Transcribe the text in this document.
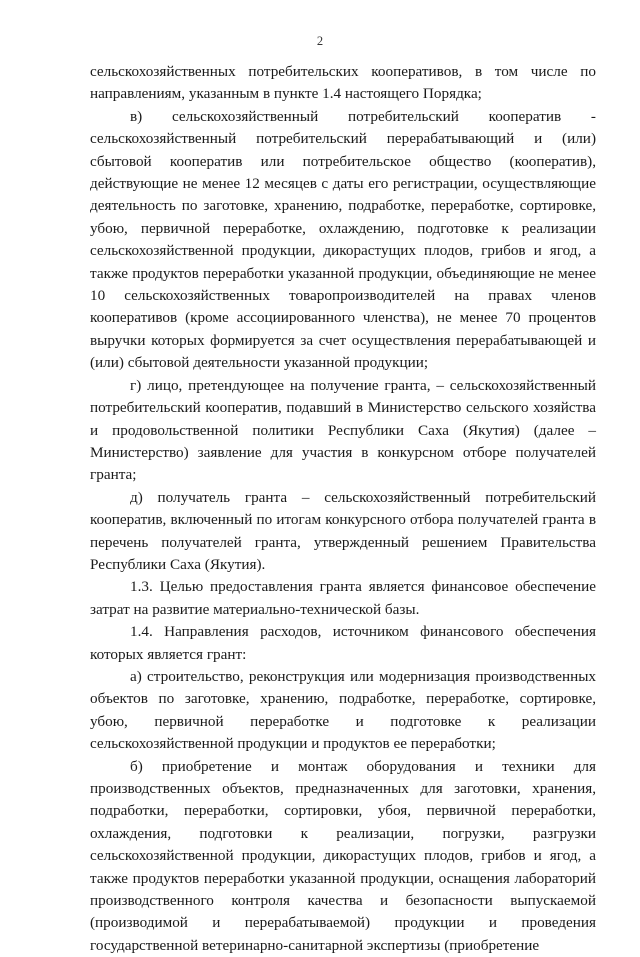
2
сельскохозяйственных потребительских кооперативов, в том числе по
направлениям, указанным в пункте 1.4 настоящего Порядка;
в) сельскохозяйственный потребительский кооператив -
сельскохозяйственный потребительский перерабатывающий и (или)
сбытовой кооператив или потребительское общество (кооператив),
действующие не менее 12 месяцев с даты его регистрации, осуществляющие
деятельность по заготовке, хранению, подработке, переработке, сортировке,
убою, первичной переработке, охлаждению, подготовке к реализации
сельскохозяйственной продукции, дикорастущих плодов, грибов и ягод, а
также продуктов переработки указанной продукции, объединяющие не менее
10 сельскохозяйственных товаропроизводителей на правах членов
кооперативов (кроме ассоциированного членства), не менее 70 процентов
выручки которых формируется за счет осуществления перерабатывающей и
(или) сбытовой деятельности указанной продукции;
г) лицо, претендующее на получение гранта, – сельскохозяйственный
потребительский кооператив, подавший в Министерство сельского хозяйства
и продовольственной политики Республики Саха (Якутия) (далее –
Министерство) заявление для участия в конкурсном отборе получателей
гранта;
д) получатель гранта – сельскохозяйственный потребительский
кооператив, включенный по итогам конкурсного отбора получателей гранта в
перечень получателей гранта, утвержденный решением Правительства
Республики Саха (Якутия).
1.3. Целью предоставления гранта является финансовое обеспечение
затрат на развитие материально-технической базы.
1.4. Направления расходов, источником финансового обеспечения
которых является грант:
а) строительство, реконструкция или модернизация производственных
объектов по заготовке, хранению, подработке, переработке, сортировке,
убою, первичной переработке и подготовке к реализации
сельскохозяйственной продукции и продуктов ее переработки;
б) приобретение и монтаж оборудования и техники для
производственных объектов, предназначенных для заготовки, хранения,
подработки, переработки, сортировки, убоя, первичной переработки,
охлаждения, подготовки к реализации, погрузки, разгрузки
сельскохозяйственной продукции, дикорастущих плодов, грибов и ягод, а
также продуктов переработки указанной продукции, оснащения лабораторий
производственного контроля качества и безопасности выпускаемой
(производимой и перерабатываемой) продукции и проведения
государственной ветеринарно-санитарной экспертизы (приобретение
